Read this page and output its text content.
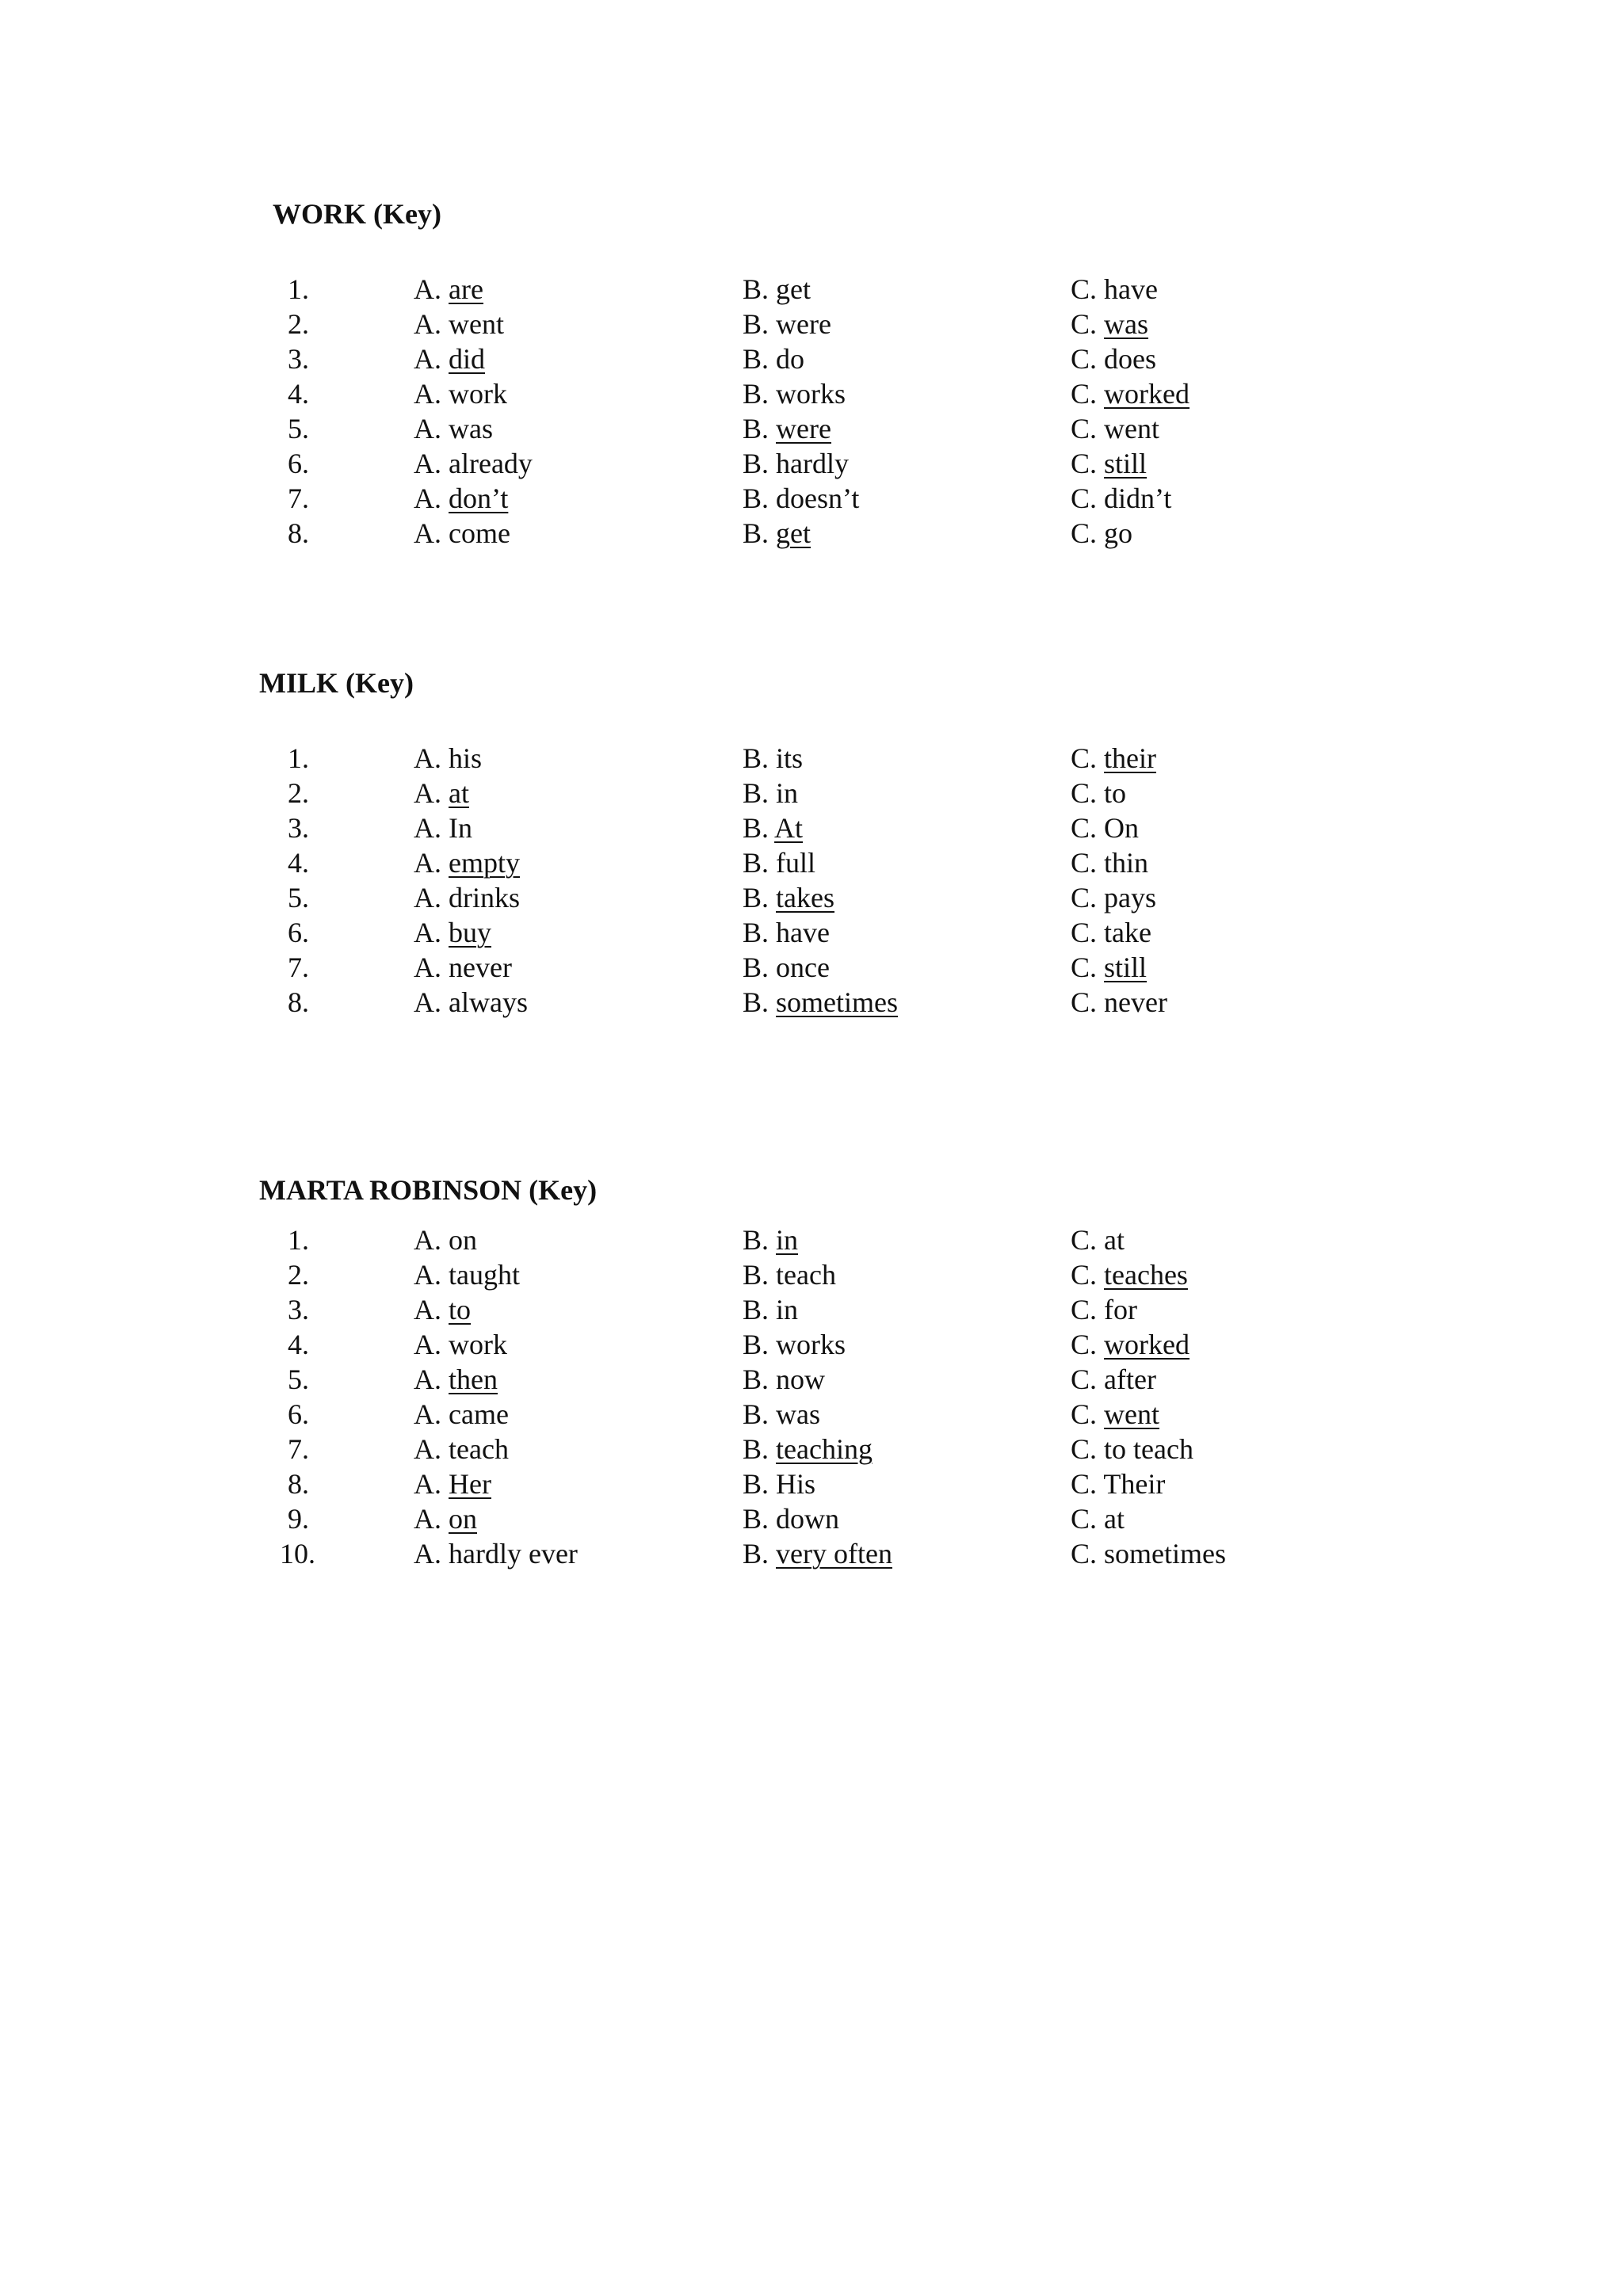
WORK (Key)
1.	A. are	B. get	C. have
2.	A. went	B. were	C. was
3.	A. did	B. do	C. does
4.	A. work	B. works	C. worked
5.	A. was	B. were	C. went
6.	A. already	B. hardly	C. still
7.	A. don’t	B. doesn’t	C. didn’t
8.	A. come	B. get	C. go
MILK (Key)
1.	A. his	B. its	C. their
2.	A. at	B. in	C. to
3.	A. In	B. At	C. On
4.	A. empty	B. full	C. thin
5.	A. drinks	B. takes	C. pays
6.	A. buy	B. have	C. take
7.	A. never	B. once	C. still
8.	A. always	B. sometimes	C. never
MARTA ROBINSON (Key)
1.	A. on	B. in	C. at
2.	A. taught	B. teach	C. teaches
3.	A. to	B. in	C. for
4.	A. work	B. works	C. worked
5.	A. then	B. now	C. after
6.	A. came	B. was	C. went
7.	A. teach	B. teaching	C. to teach
8.	A. Her	B. His	C. Their
9.	A. on	B. down	C. at
10.	A. hardly ever	B. very often	C. sometimes
